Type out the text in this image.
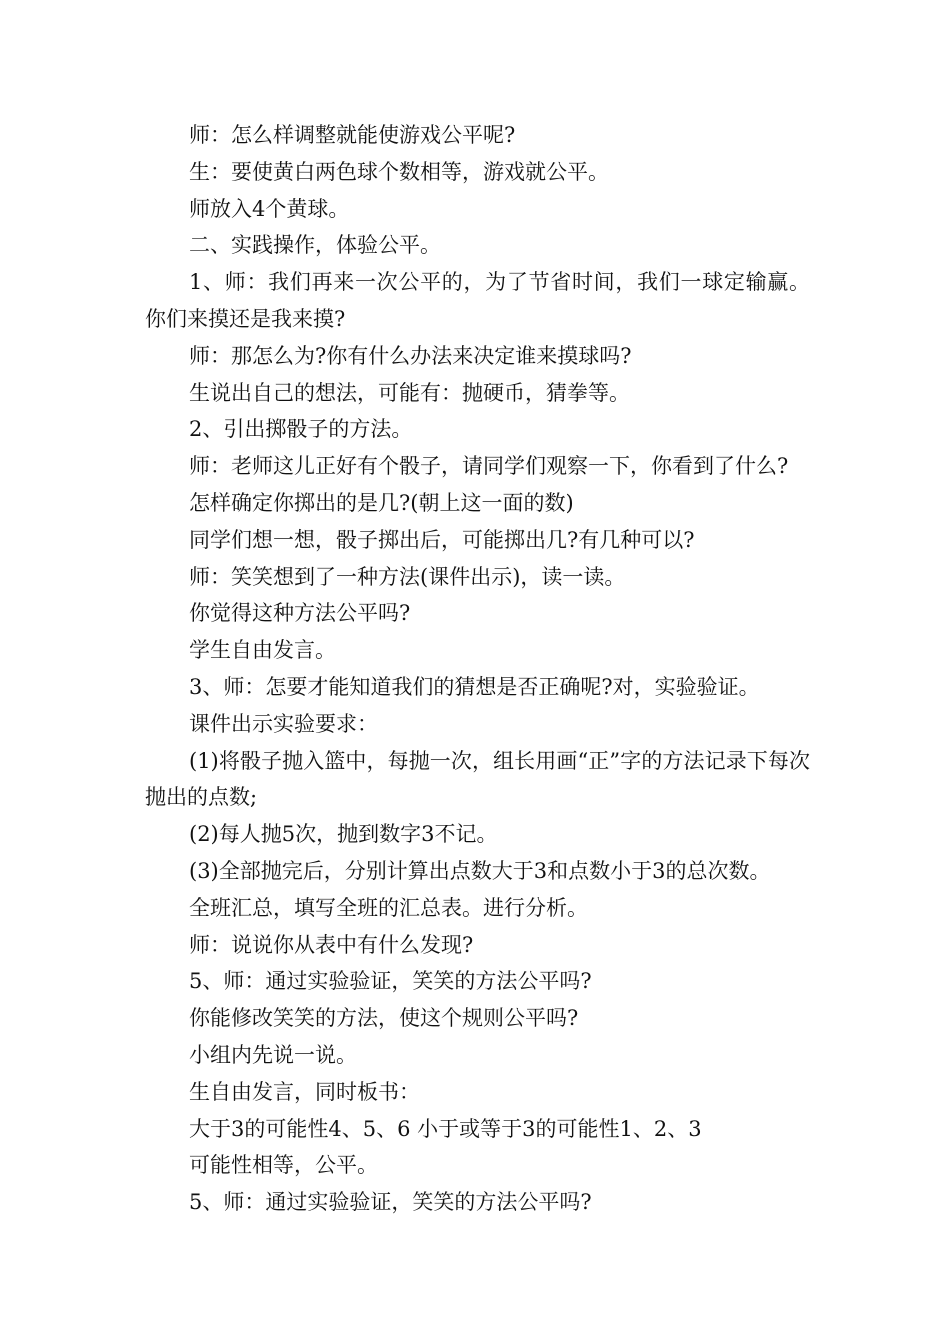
师：怎么样调整就能使游戏公平呢?

生：要使黄白两色球个数相等，游戏就公平。

师放入4个黄球。

二、实践操作，体验公平。

1、师：我们再来一次公平的，为了节省时间，我们一球定输赢。你们来摸还是我来摸?

师：那怎么为?你有什么办法来决定谁来摸球吗?

生说出自己的想法，可能有：抛硬币，猜拳等。

2、引出掷骰子的方法。

师：老师这儿正好有个骰子，请同学们观察一下，你看到了什么?

怎样确定你掷出的是几?(朝上这一面的数)

同学们想一想，骰子掷出后，可能掷出几?有几种可以?

师：笑笑想到了一种方法(课件出示)，读一读。

你觉得这种方法公平吗?

学生自由发言。

3、师：怎要才能知道我们的猜想是否正确呢?对，实验验证。

课件出示实验要求：

(1)将骰子抛入篮中，每抛一次，组长用画“正”字的方法记录下每次抛出的点数;

(2)每人抛5次，抛到数字3不记。

(3)全部抛完后，分别计算出点数大于3和点数小于3的总次数。

全班汇总，填写全班的汇总表。进行分析。

师：说说你从表中有什么发现?

5、师：通过实验验证，笑笑的方法公平吗?

你能修改笑笑的方法，使这个规则公平吗?

小组内先说一说。

生自由发言，同时板书：

大于3的可能性4、5、6 小于或等于3的可能性1、2、3

可能性相等，公平。

5、师：通过实验验证，笑笑的方法公平吗?
